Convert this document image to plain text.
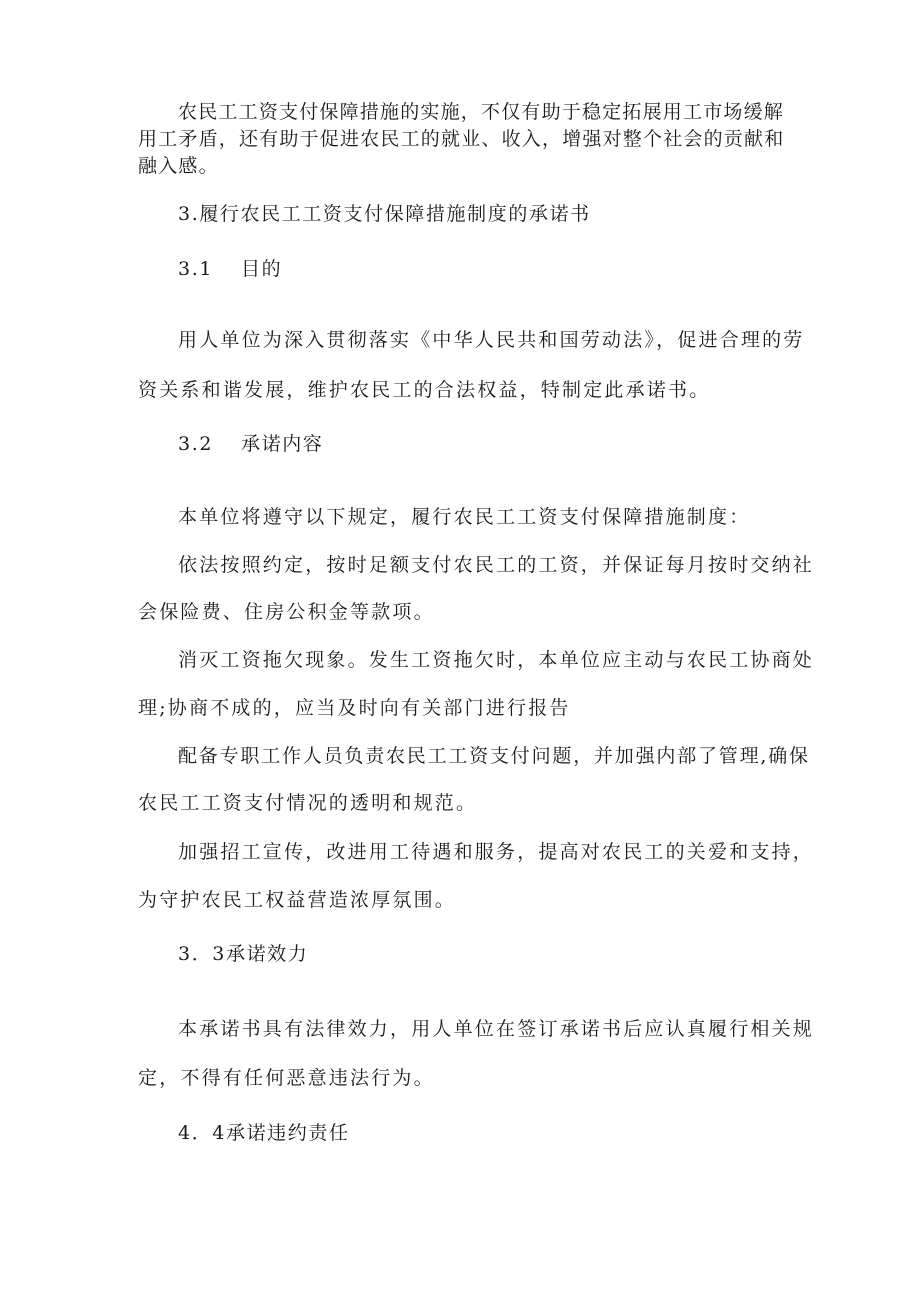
农民工工资支付保障措施的实施，不仅有助于稳定拓展用工市场缓解
用工矛盾，还有助于促进农民工的就业、收入，增强对整个社会的贡献和
融入感。
3.履行农民工工资支付保障措施制度的承诺书
3.1 目的
用人单位为深入贯彻落实《中华人民共和国劳动法》，促进合理的劳
资关系和谐发展，维护农民工的合法权益，特制定此承诺书。
3.2 承诺内容
本单位将遵守以下规定，履行农民工工资支付保障措施制度：
依法按照约定，按时足额支付农民工的工资，并保证每月按时交纳社
会保险费、住房公积金等款项。
消灭工资拖欠现象。发生工资拖欠时，本单位应主动与农民工协商处
理;协商不成的，应当及时向有关部门进行报告
配备专职工作人员负责农民工工资支付问题，并加强内部了管理,确保
农民工工资支付情况的透明和规范。
加强招工宣传，改进用工待遇和服务，提高对农民工的关爱和支持，
为守护农民工权益营造浓厚氛围。
3．3承诺效力
本承诺书具有法律效力，用人单位在签订承诺书后应认真履行相关规
定，不得有任何恶意违法行为。
4．4承诺违约责任
